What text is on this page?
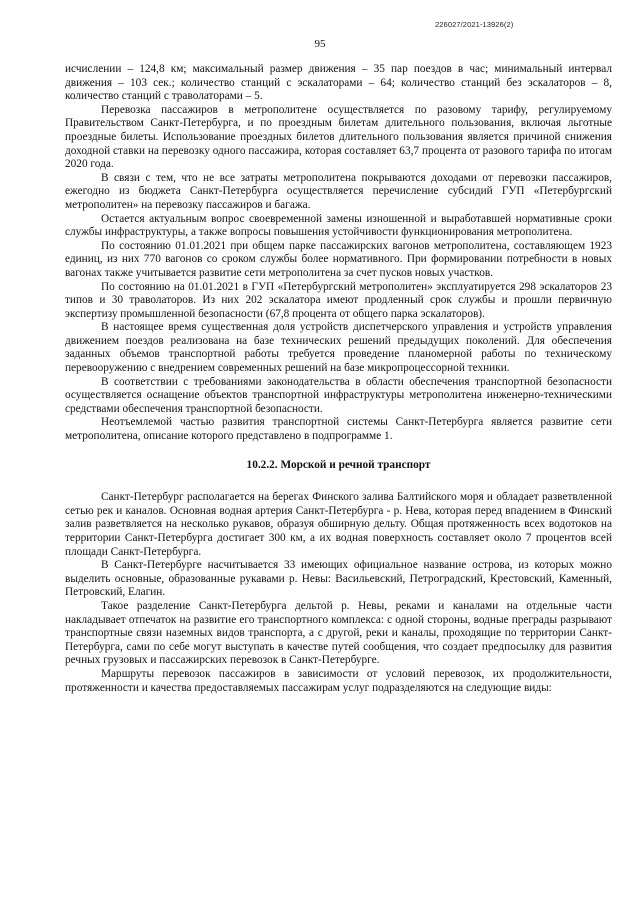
226027/2021-13926(2)
95

исчислении – 124,8 км; максимальный размер движения – 35 пар поездов в час; минимальный интервал движения – 103 сек.; количество станций с эскалаторами – 64; количество станций без эскалаторов – 8, количество станций с траволаторами – 5.

Перевозка пассажиров в метрополитене осуществляется по разовому тарифу, регулируемому Правительством Санкт-Петербурга, и по проездным билетам длительного пользования, включая льготные проездные билеты. Использование проездных билетов длительного пользования является причиной снижения доходной ставки на перевозку одного пассажира, которая составляет 63,7 процента от разового тарифа по итогам 2020 года.

В связи с тем, что не все затраты метрополитена покрываются доходами от перевозки пассажиров, ежегодно из бюджета Санкт-Петербурга осуществляется перечисление субсидий ГУП «Петербургский метрополитен» на перевозку пассажиров и багажа.

Остается актуальным вопрос своевременной замены изношенной и выработавшей нормативные сроки службы инфраструктуры, а также вопросы повышения устойчивости функционирования метрополитена.

По состоянию 01.01.2021 при общем парке пассажирских вагонов метрополитена, составляющем 1923 единиц, из них 770 вагонов со сроком службы более нормативного. При формировании потребности в новых вагонах также учитывается развитие сети метрополитена за счет пусков новых участков.

По состоянию на 01.01.2021 в ГУП «Петербургский метрополитен» эксплуатируется 298 эскалаторов 23 типов и 30 траволаторов. Из них 202 эскалатора имеют продленный срок службы и прошли первичную экспертизу промышленной безопасности (67,8 процента от общего парка эскалаторов).

В настоящее время существенная доля устройств диспетчерского управления и устройств управления движением поездов реализована на базе технических решений предыдущих поколений. Для обеспечения заданных объемов транспортной работы требуется проведение планомерной работы по техническому перевооружению с внедрением современных решений на базе микропроцессорной техники.

В соответствии с требованиями законодательства в области обеспечения транспортной безопасности осуществляется оснащение объектов транспортной инфраструктуры метрополитена инженерно-техническими средствами обеспечения транспортной безопасности.

Неотъемлемой частью развития транспортной системы Санкт-Петербурга является развитие сети метрополитена, описание которого представлено в подпрограмме 1.

10.2.2. Морской и речной транспорт

Санкт-Петербург располагается на берегах Финского залива Балтийского моря и обладает разветвленной сетью рек и каналов. Основная водная артерия Санкт-Петербурга - р. Нева, которая перед впадением в Финский залив разветвляется на несколько рукавов, образуя обширную дельту. Общая протяженность всех водотоков на территории Санкт-Петербурга достигает 300 км, а их водная поверхность составляет около 7 процентов всей площади Санкт-Петербурга.

В Санкт-Петербурге насчитывается 33 имеющих официальное название острова, из которых можно выделить основные, образованные рукавами р. Невы: Васильевский, Петроградский, Крестовский, Каменный, Петровский, Елагин.

Такое разделение Санкт-Петербурга дельтой р. Невы, реками и каналами на отдельные части накладывает отпечаток на развитие его транспортного комплекса: с одной стороны, водные преграды разрывают транспортные связи наземных видов транспорта, а с другой, реки и каналы, проходящие по территории Санкт-Петербурга, сами по себе могут выступать в качестве путей сообщения, что создает предпосылку для развития речных грузовых и пассажирских перевозок в Санкт-Петербурге.

Маршруты перевозок пассажиров в зависимости от условий перевозок, их продолжительности, протяженности и качества предоставляемых пассажирам услуг подразделяются на следующие виды:
